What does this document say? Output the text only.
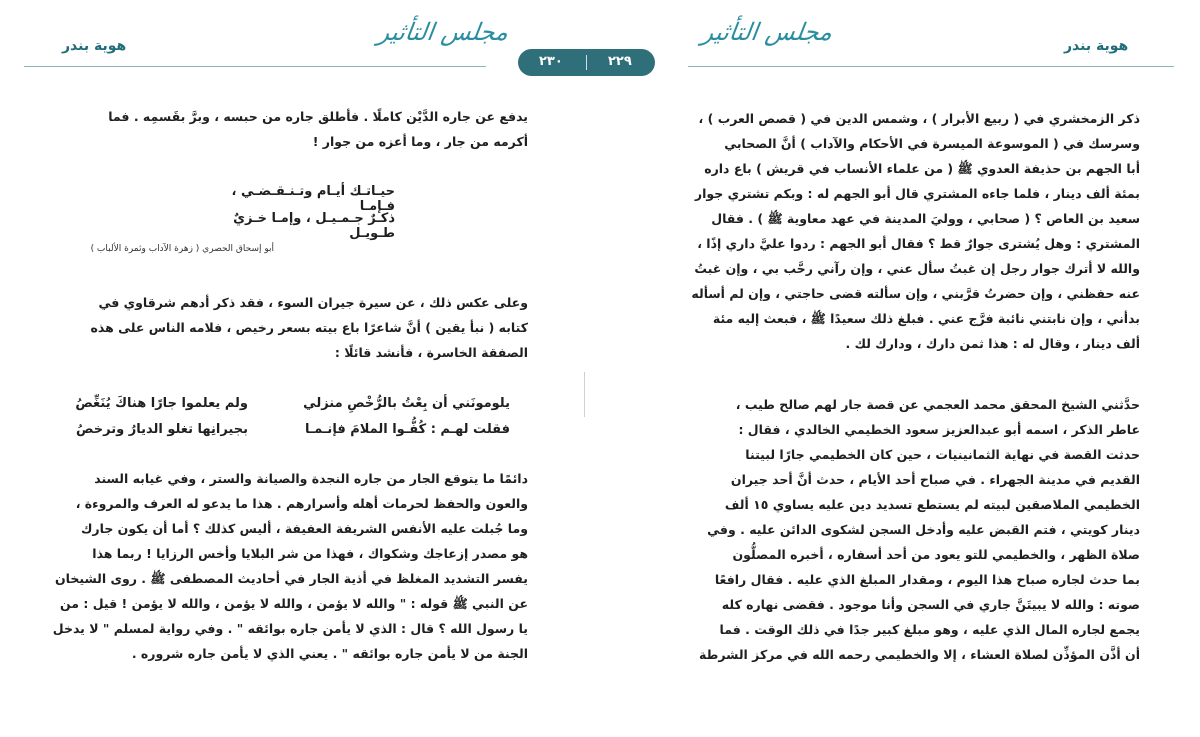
هوية بندر	مجلس التأثير
٢٣٠	٢٢٩
مجلس التأثير	هوية بندر

ذكر الزمخشري في ( ربيع الأبرار ) ، وشمس الدين في ( قصص العرب ) ،

وسرسك في ( الموسوعة الميسرة في الأحكام والآداب ) أنَّ الصحابي

أبا الجهم بن حذيفة العدوي ﷺ ( من علماء الأنساب في قريش ) باع داره

بمئة ألف دينار ، فلما جاءه المشتري قال أبو الجهم له : وبكم تشتري جوار

سعيد بن العاص ؟ ( صحابي ، ووليَ المدينة في عهد معاوية ﷺ ) . فقال

المشتري : وهل يُشترى جوارٌ قط ؟ فقال أبو الجهم : ردوا عليَّ داري إذًا ،

والله لا أترك جوار رجل إن غبتُ سأل عني ، وإن رآني رحَّب بي ، وإن غبتُ

عنه حفظني ، وإن حضرتُ قرَّبني ، وإن سألته قضى حاجتي ، وإن لم أسأله

بدأني ، وإن نابتني نائبة فرَّج عني . فبلغ ذلك سعيدًا ﷺ ، فبعث إليه مئة

ألف دينار ، وقال له : هذا ثمن دارك ، ودارك لك .

حدَّثني الشيخ المحقق محمد العجمي عن قصة جار لهم صالح طيب ،

عاطر الذكر ، اسمه أبو عبدالعزيز سعود الخطيمي الخالدي ، فقال :

حدثت القصة في نهاية الثمانينيات ، حين كان الخطيمي جارًا لبيتنا

القديم في مدينة الجهراء . في صباح أحد الأيام ، حدث أنَّ أحد جيران

الخطيمي الملاصقين لبيته لم يستطع تسديد دين عليه يساوي ١٥ ألف

دينار كويتي ، فتم القبض عليه وأدخل السجن لشكوى الدائن عليه . وفي

صلاة الظهر ، والخطيمي للتو يعود من أحد أسفاره ، أخبره المصلُّون

بما حدث لجاره صباح هذا اليوم ، ومقدار المبلغ الذي عليه . فقال رافعًا

صوته : والله لا يبيتَنَّ جاري في السجن وأنا موجود . فقضى نهاره كله

يجمع لجاره المال الذي عليه ، وهو مبلغ كبير جدًا في ذلك الوقت . فما

أن أذَّن المؤذِّن لصلاة العشاء ، إلا والخطيمي رحمه الله في مركز الشرطة

يدفع عن جاره الدَّيْن كاملًا . فأطلق جاره من حبسه ، وبرَّ بقَسمِه . فما

أكرمه من جار ، وما أعزه من جوار !

حيـاتـك أيـام وتـنـقـضـي ، فـإمـا
ذكـرٌ جـمـيـل ، وإمـا خـزيٌ طـويـل
أبو إسحاق الحصري ( زهرة الآداب وثمرة الألباب )

وعلى عكس ذلك ، عن سيرة جيران السوء ، فقد ذكر أدهم شرقاوي في

كتابه ( نبأ يقين ) أنَّ شاعرًا باع بيته بسعر رخيص ، فلامه الناس على هذه

الصفقة الخاسرة ، فأنشد قائلًا :

يلومونَني أن بِعْتُ بالرُّخْصِ منزلي
ولم يعلموا جارًا هناكَ يُنَغِّصُ
فقلت لهـم : كُفُّـوا الملامَ فإنـمـا
بجيرانِها تغلو الديارُ وترخصُ

دائمًا ما يتوقع الجار من جاره النجدة والصيانة والستر ، وفي غيابه السند

والعون والحفظ لحرمات أهله وأسرارهم . هذا ما يدعو له العرف والمروءة ،

وما جُبلت عليه الأنفس الشريفة العفيفة ، أليس كذلك ؟ أما أن يكون جارك

هو مصدر إزعاجك وشكواك ، فهذا من شر البلايا وأخس الرزايا ! ربما هذا

يفسر التشديد المغلظ في أذية الجار في أحاديث المصطفى ﷺ . روى الشيخان

عن النبي ﷺ قوله : " والله لا يؤمن ، والله لا يؤمن ، والله لا يؤمن ! قيل : من

يا رسول الله ؟ قال : الذي لا يأمن جاره بوائقه " . وفي رواية لمسلم " لا يدخل

الجنة من لا يأمن جاره بوائقه " . يعني الذي لا يأمن جاره شروره .
